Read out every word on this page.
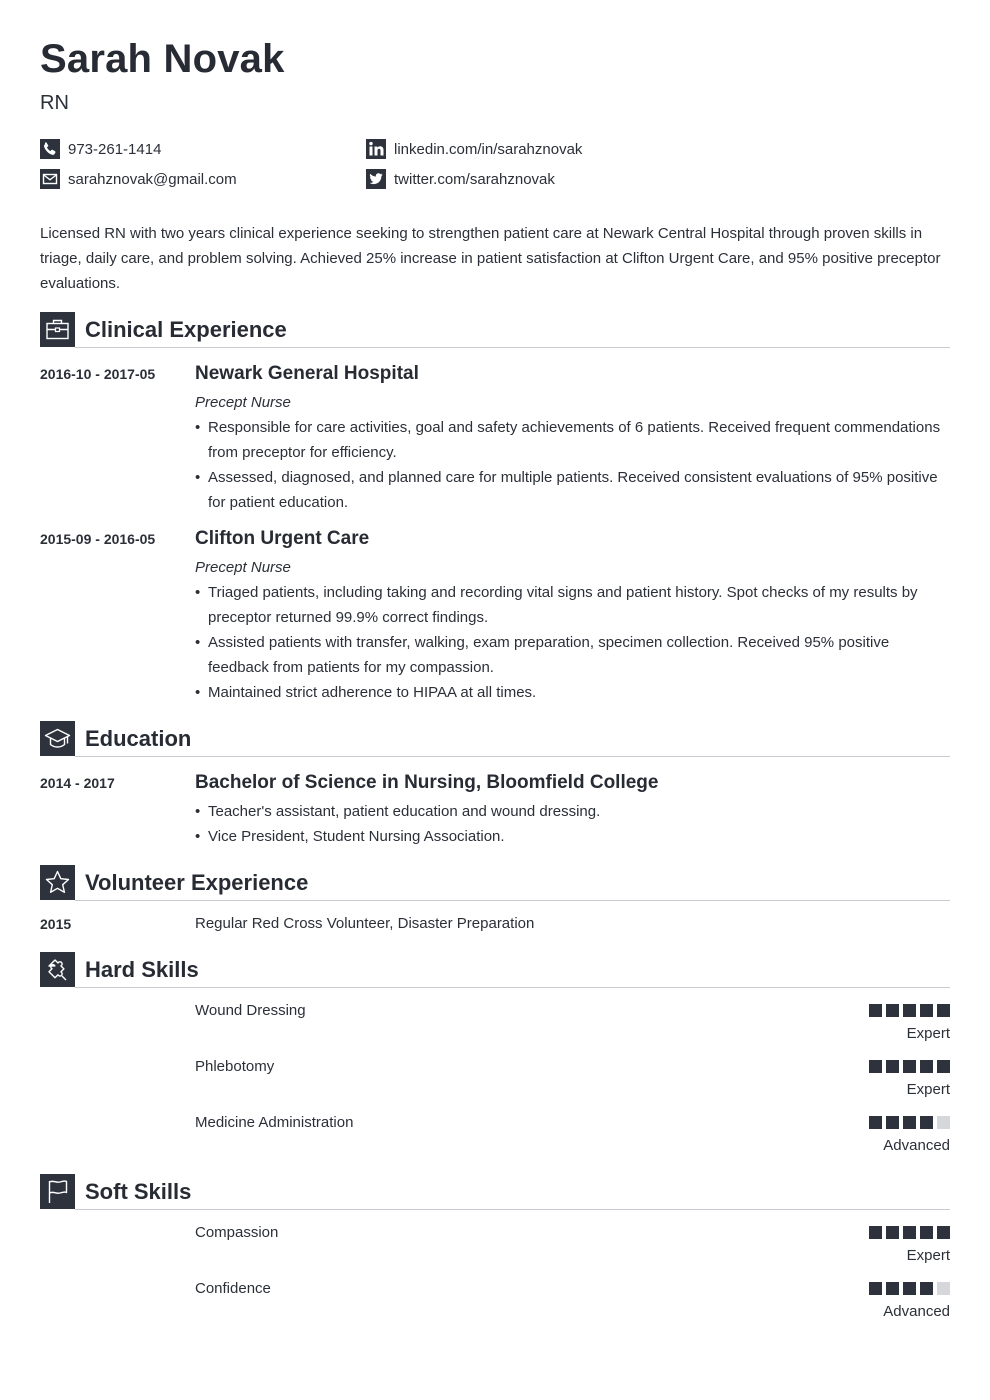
Sarah Novak
RN
973-261-1414
sarahznovak@gmail.com
linkedin.com/in/sarahznovak
twitter.com/sarahznovak
Licensed RN with two years clinical experience seeking to strengthen patient care at Newark Central Hospital through proven skills in triage, daily care, and problem solving. Achieved 25% increase in patient satisfaction at Clifton Urgent Care, and 95% positive preceptor evaluations.
Clinical Experience
2016-10 - 2017-05 Newark General Hospital
Precept Nurse
• Responsible for care activities, goal and safety achievements of 6 patients. Received frequent commendations from preceptor for efficiency.
• Assessed, diagnosed, and planned care for multiple patients. Received consistent evaluations of 95% positive for patient education.
2015-09 - 2016-05 Clifton Urgent Care
Precept Nurse
• Triaged patients, including taking and recording vital signs and patient history. Spot checks of my results by preceptor returned 99.9% correct findings.
• Assisted patients with transfer, walking, exam preparation, specimen collection. Received 95% positive feedback from patients for my compassion.
• Maintained strict adherence to HIPAA at all times.
Education
2014 - 2017	Bachelor of Science in Nursing, Bloomfield College
• Teacher's assistant, patient education and wound dressing.
• Vice President, Student Nursing Association.
Volunteer Experience
2015	Regular Red Cross Volunteer, Disaster Preparation
Hard Skills
Wound Dressing
Expert
Phlebotomy
Expert
Medicine Administration
Advanced
Soft Skills
Compassion
Expert
Confidence
Advanced
